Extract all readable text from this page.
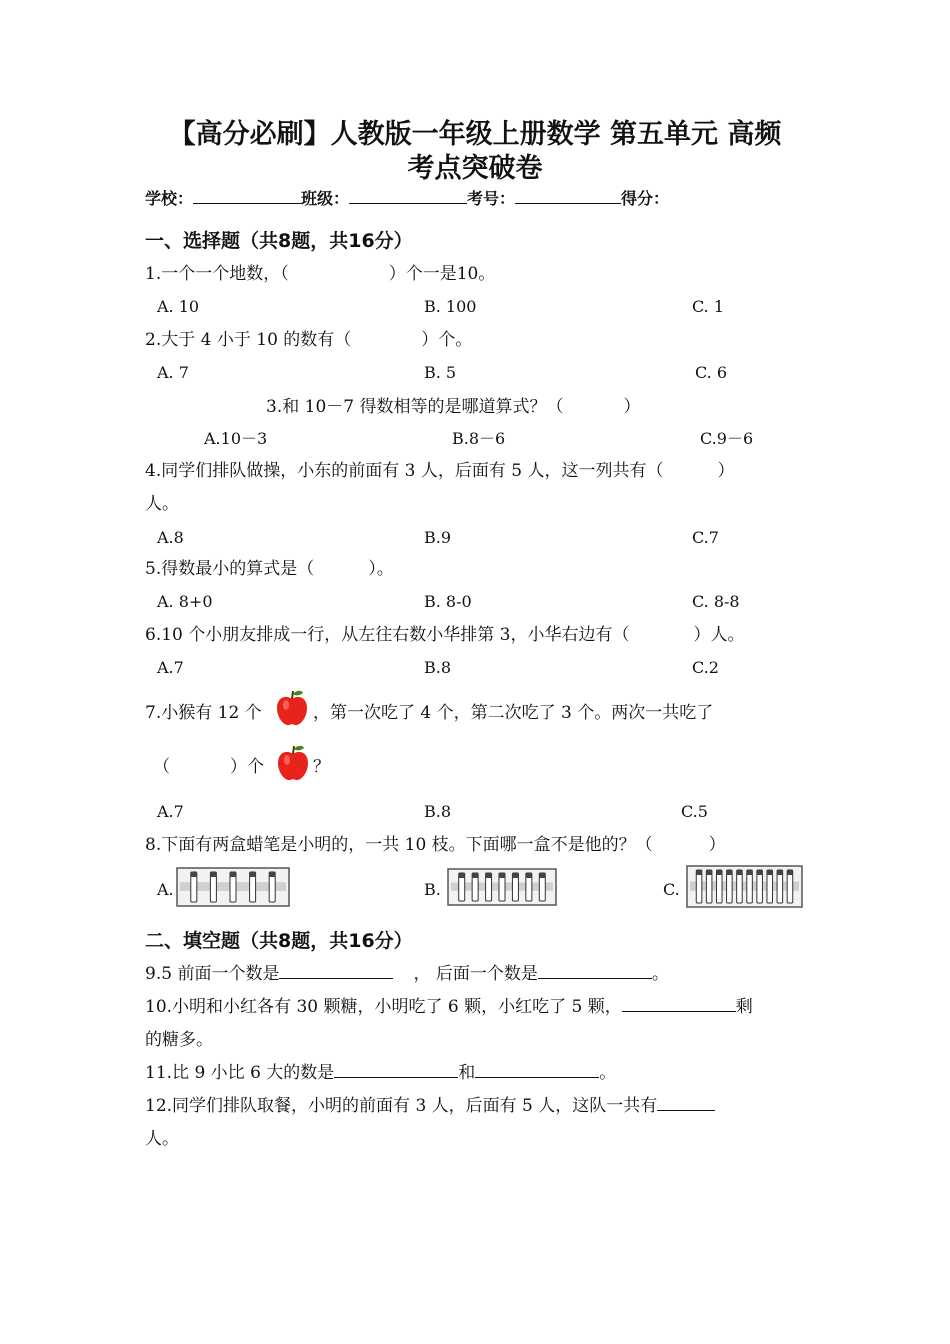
【高分必刷】人教版一年级上册数学 第五单元 高频
考点突破卷
学校：	班级：	考号：	得分：
一、选择题（共8题，共16分）
1.一个一个地数，（	）个一是10。
A. 10	B. 100	C. 1
2.大于 4 小于 10 的数有（	）个。
A. 7	B. 5	C. 6
3.和 10－7 得数相等的是哪道算式？（	）
A.10－3	B.8－6	C.9－6
4.同学们排队做操，小东的前面有 3 人，后面有 5 人，这一列共有（	）
人。
A.8	B.9	C.7
5.得数最小的算式是（	）。
A. 8+0	B. 8-0	C. 8-8
6.10 个小朋友排成一行，从左往右数小华排第 3，小华右边有（	）人。
A.7	B.8	C.2
7.小猴有 12 个	，第一次吃了 4 个，第二次吃了 3 个。两次一共吃了
（	）个	？
A.7	B.8	C.5
8.下面有两盒蜡笔是小明的，一共 10 枝。下面哪一盒不是他的？（	）
A.	B.	C.
二、填空题（共8题，共16分）
9.5 前面一个数是	， 后面一个数是	。
10.小明和小红各有 30 颗糖，小明吃了 6 颗，小红吃了 5 颗，	剩
的糖多。
11.比 9 小比 6 大的数是	和	。
12.同学们排队取餐，小明的前面有 3 人，后面有 5 人，这队一共有
人。
